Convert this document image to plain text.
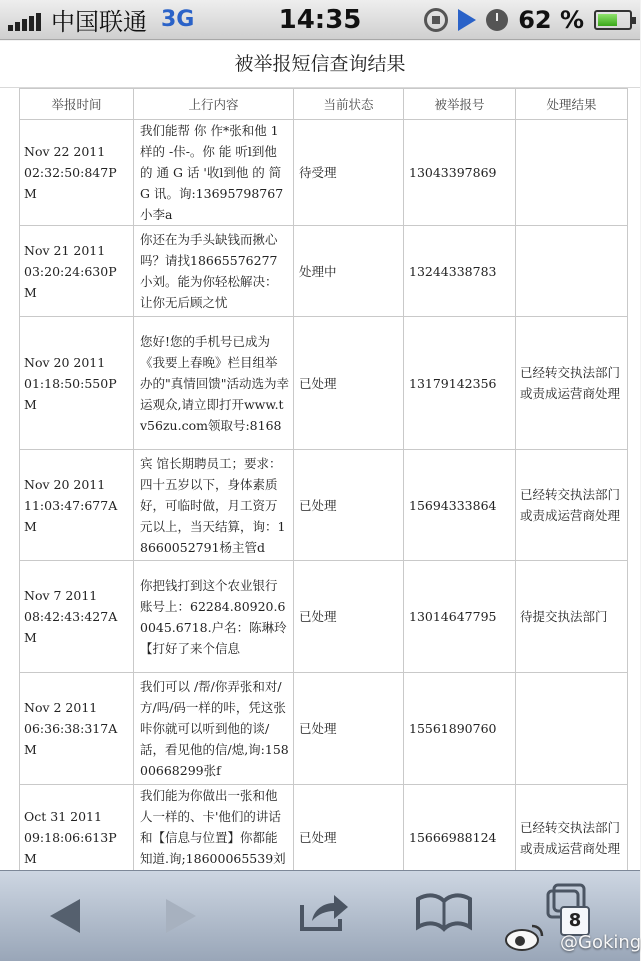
中国联通 3G	14:35	62 %
被举报短信查询结果
举报时间	上行内容	当前状态	被举报号	处理结果

Nov 22 2011
02:32:50:847PM	我们能帮 你 作*张和他 1 样的 -佧-。你 能 听l到他 的 通 G 话 '收l到他 的 简 G 讯。询:13695798767小李a	待受理	13043397869	

Nov 21 2011
03:20:24:630PM	你还在为手头缺钱而揪心吗？请找18665576277小刘。能为你轻松解决：让你无后顾之忧	处理中	13244338783	

Nov 20 2011
01:18:50:550PM	您好!您的手机号已成为《我要上春晚》栏目组举办的"真情回馈"活动选为幸运观众,请立即打开www.tv56zu.com领取号:8168	已处理	13179142356	已经转交执法部门或责成运营商处理

Nov 20 2011
11:03:47:677AM	宾 馆长期聘员工；要求：四十五岁以下，身体素质好，可临时做，月工资万元以上，当天结算，询：18660052791杨主管d	已处理	15694333864	已经转交执法部门或责成运营商处理

Nov 7 2011
08:42:43:427AM	你把钱打到这个农业银行账号上：62284.80920.60045.6718.户名：陈琳玲【打好了来个信息	已处理	13014647795	待提交执法部门

Nov 2 2011
06:36:38:317AM	我们可以 /帮/你弄张和对/方/吗/码一样的咔，凭这张咔你就可以听到他的谈/話，看见他的信/熄,询:15800668299张f	已处理	15561890760	

Oct 31 2011
09:18:06:613PM	我们能为你做出一张和他人一样的、卡'他们的讲话和【信息与位置】你都能知道.询;18600065539刘	已处理	15666988124	已经转交执法部门或责成运营商处理

8
@Goking
